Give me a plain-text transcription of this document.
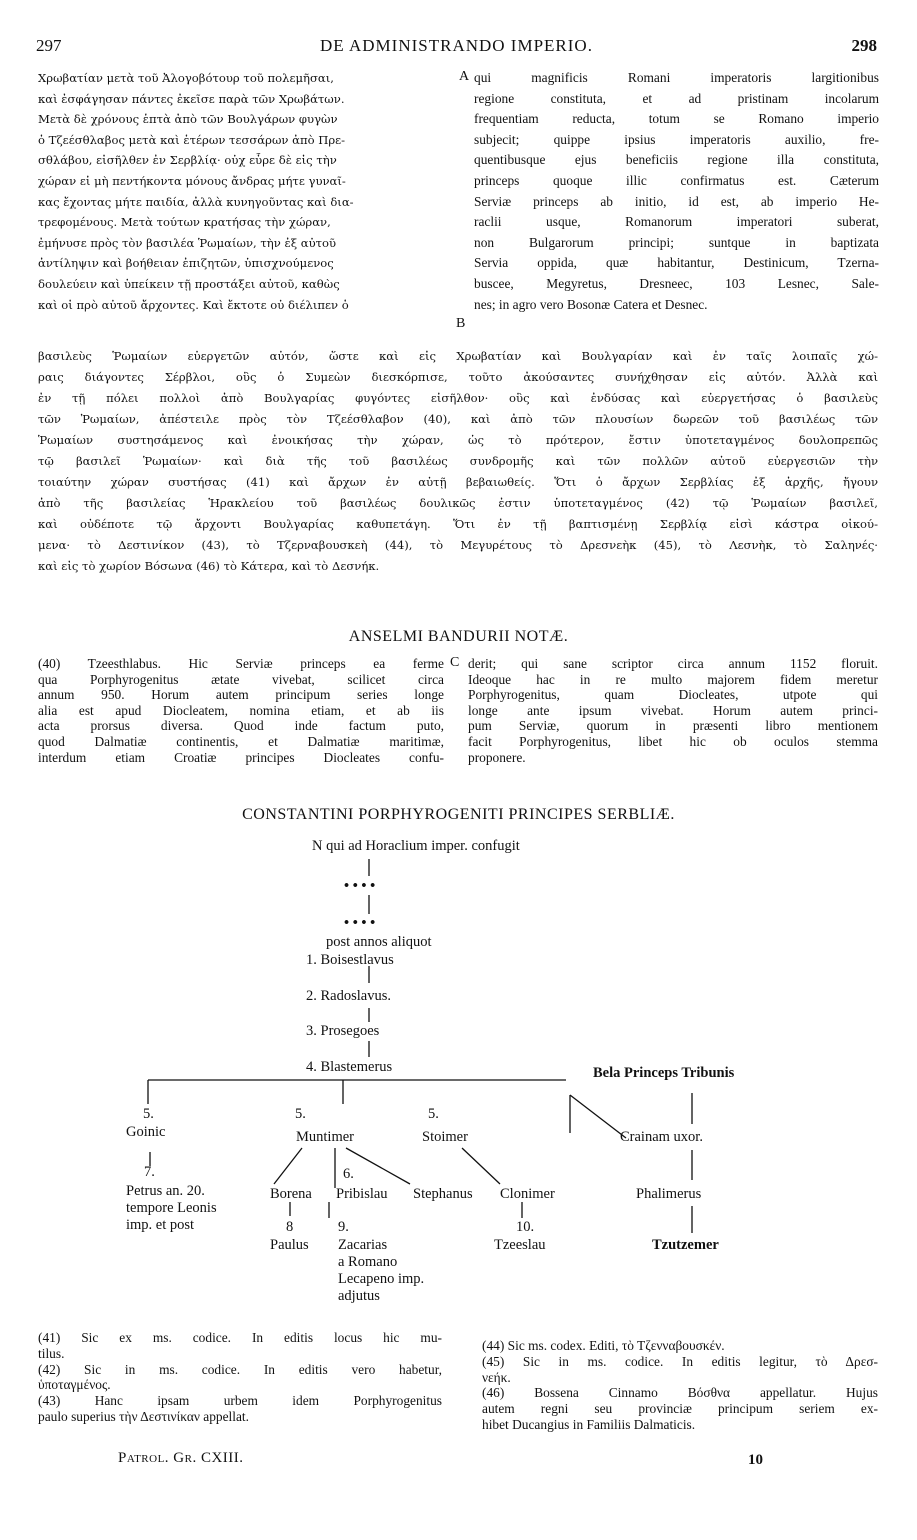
297	DE ADMINISTRANDO IMPERIO.	298
Χρωβατίαν μετὰ τοῦ Ἀλογοβότουρ τοῦ πολεμῆσαι,
καὶ ἐσφάγησαν πάντες ἐκεῖσε παρὰ τῶν Χρωβάτων.
Μετὰ δὲ χρόνους ἑπτὰ ἀπὸ τῶν Βουλγάρων φυγὼν
ὁ Τζεέσθλαβος μετὰ καὶ ἑτέρων τεσσάρων ἀπὸ Πρε-
σθλάβου, εἰσῆλθεν ἐν Σερβλίᾳ· οὐχ εὗρε δὲ εἰς τὴν
χώραν εἰ μὴ πεντήκοντα μόνους ἄνδρας μήτε γυναῖ-
κας ἔχοντας μήτε παιδία, ἀλλὰ κυνηγοῦντας καὶ δια-
τρεφομένους. Μετὰ τούτων κρατήσας τὴν χώραν,
ἐμήνυσε πρὸς τὸν βασιλέα Ῥωμαίων, τὴν ἐξ αὐτοῦ
ἀντίληψιν καὶ βοήθειαν ἐπιζητῶν, ὑπισχνούμενος
δουλεύειν καὶ ὑπείκειν τῇ προστάξει αὐτοῦ, καθὼς
καὶ οἱ πρὸ αὐτοῦ ἄρχοντες. Καὶ ἔκτοτε οὐ διέλιπεν ὁ
A
B
qui magnificis Romani imperatoris largitionibus
regione constituta, et ad pristinam incolarum
frequentiam reducta, totum se Romano imperio
subjecit; quippe ipsius imperatoris auxilio, fre-
quentibusque ejus beneficiis regione illa constituta,
princeps quoque illic confirmatus est. Cæterum
Serviæ princeps ab initio, id est, ab imperio He-
raclii usque, Romanorum imperatori suberat,
non Bulgarorum principi; suntque in baptizata
Servia oppida, quæ habitantur, Destinicum, Tzerna-
buscee, Megyretus, Dresneec, 103 Lesnec, Sale-
nes; in agro vero Bosonæ Catera et Desnec.
βασιλεὺς Ῥωμαίων εὐεργετῶν αὐτόν, ὥστε καὶ εἰς Χρωβατίαν καὶ Βουλγαρίαν καὶ ἐν ταῖς λοιπαῖς χώ-
ραις διάγοντες Σέρβλοι, οὓς ὁ Συμεὼν διεσκόρπισε, τοῦτο ἀκούσαντες συνήχθησαν εἰς αὐτόν. Ἀλλὰ καὶ
ἐν τῇ πόλει πολλοὶ ἀπὸ Βουλγαρίας φυγόντες εἰσῆλθον· οὓς καὶ ἐνδύσας καὶ εὐεργετήσας ὁ βασιλεὺς
τῶν Ῥωμαίων, ἀπέστειλε πρὸς τὸν Τζεέσθλαβον (40), καὶ ἀπὸ τῶν πλουσίων δωρεῶν τοῦ βασιλέως τῶν
Ῥωμαίων συστησάμενος καὶ ἐνοικήσας τὴν χώραν, ὡς τὸ πρότερον, ἔστιν ὑποτεταγμένος δουλοπρεπῶς
τῷ βασιλεῖ Ῥωμαίων· καὶ διὰ τῆς τοῦ βασιλέως συνδρομῆς καὶ τῶν πολλῶν αὐτοῦ εὐεργεσιῶν τὴν
τοιαύτην χώραν συστήσας (41) καὶ ἄρχων ἐν αὐτῇ βεβαιωθείς. Ὅτι ὁ ἄρχων Σερβλίας ἐξ ἀρχῆς, ἤγουν
ἀπὸ τῆς βασιλείας Ἡρακλείου τοῦ βασιλέως δουλικῶς ἐστιν ὑποτεταγμένος (42) τῷ Ῥωμαίων βασιλεῖ,
καὶ οὐδέποτε τῷ ἄρχοντι Βουλγαρίας καθυπετάγη. Ὅτι ἐν τῇ βαπτισμένῃ Σερβλίᾳ εἰσὶ κάστρα οἰκού-
μενα· τὸ Δεστινίκον (43), τὸ Τζερναβουσκεὴ (44), τὸ Μεγυρέτους τὸ Δρεσνεὴκ (45), τὸ Λεσνὴκ, τὸ Σαληνές·
καὶ εἰς τὸ χωρίον Βόσωνα (46) τὸ Κάτερα, καὶ τὸ Δεσνήκ.
ANSELMI BANDURII NOTÆ.
(40) Tzeesthlabus. Hic Serviæ princeps ea ferme
qua Porphyrogenitus ætate vivebat, scilicet circa
annum 950. Horum autem principum series longe
alia est apud Diocleatem, nomina etiam, et ab iis
acta prorsus diversa. Quod inde factum puto,
quod Dalmatiæ continentis, et Dalmatiæ maritimæ,
interdum etiam Croatiæ principes Diocleates confu-
C derit; qui sane scriptor circa annum 1152 floruit.
Ideoque hac in re multo majorem fidem meretur
Porphyrogenitus, quam Diocleates, utpote qui
longe ante ipsum vivebat. Horum autem princi-
pum Serviæ, quorum in præsenti libro mentionem
facit Porphyrogenitus, libet hic ob oculos stemma
proponere.
CONSTANTINI PORPHYROGENITI PRINCIPES SERBLIÆ.
N qui ad Horaclium imper. confugit
• • • •
• • • •
post annos aliquot
1. Boisestlavus
2. Radoslavus.
3. Prosegoes
4. Blastemerus	Bela Princeps Tribunis
5.
Goinic
5.
Muntimer
5.
Stoimer	Crainam uxor.
7.
Petrus an. 20.
tempore Leonis
imp. et post
Borena
6.
Pribislau Stephanus Clonimer	Phalimerus
8
Paulus
9.
Zacarias
a Romano
Lecapeno imp.
adjutus
10.
Tzeeslau	Tzutzemer
(41) Sic ex ms. codice. In editis locus hic mu-
tilus.
(42) Sic in ms. codice. In editis vero habetur,
ὑποταγμένος.
(43) Hanc ipsam urbem idem Porphyrogenitus
paulo superius τὴν Δεστινίκαν appellat.
(44) Sic ms. codex. Editi, τὸ Τζενναβουσκέν.
(45) Sic in ms. codice. In editis legitur, τὸ Δρεσ-
νεήκ.
(46) Bossena Cinnamo Βόσθνα appellatur. Hujus
autem regni seu provinciæ principum seriem ex-
hibet Ducangius in Familiis Dalmaticis.
Patrol. Gr. CXIII.	10
